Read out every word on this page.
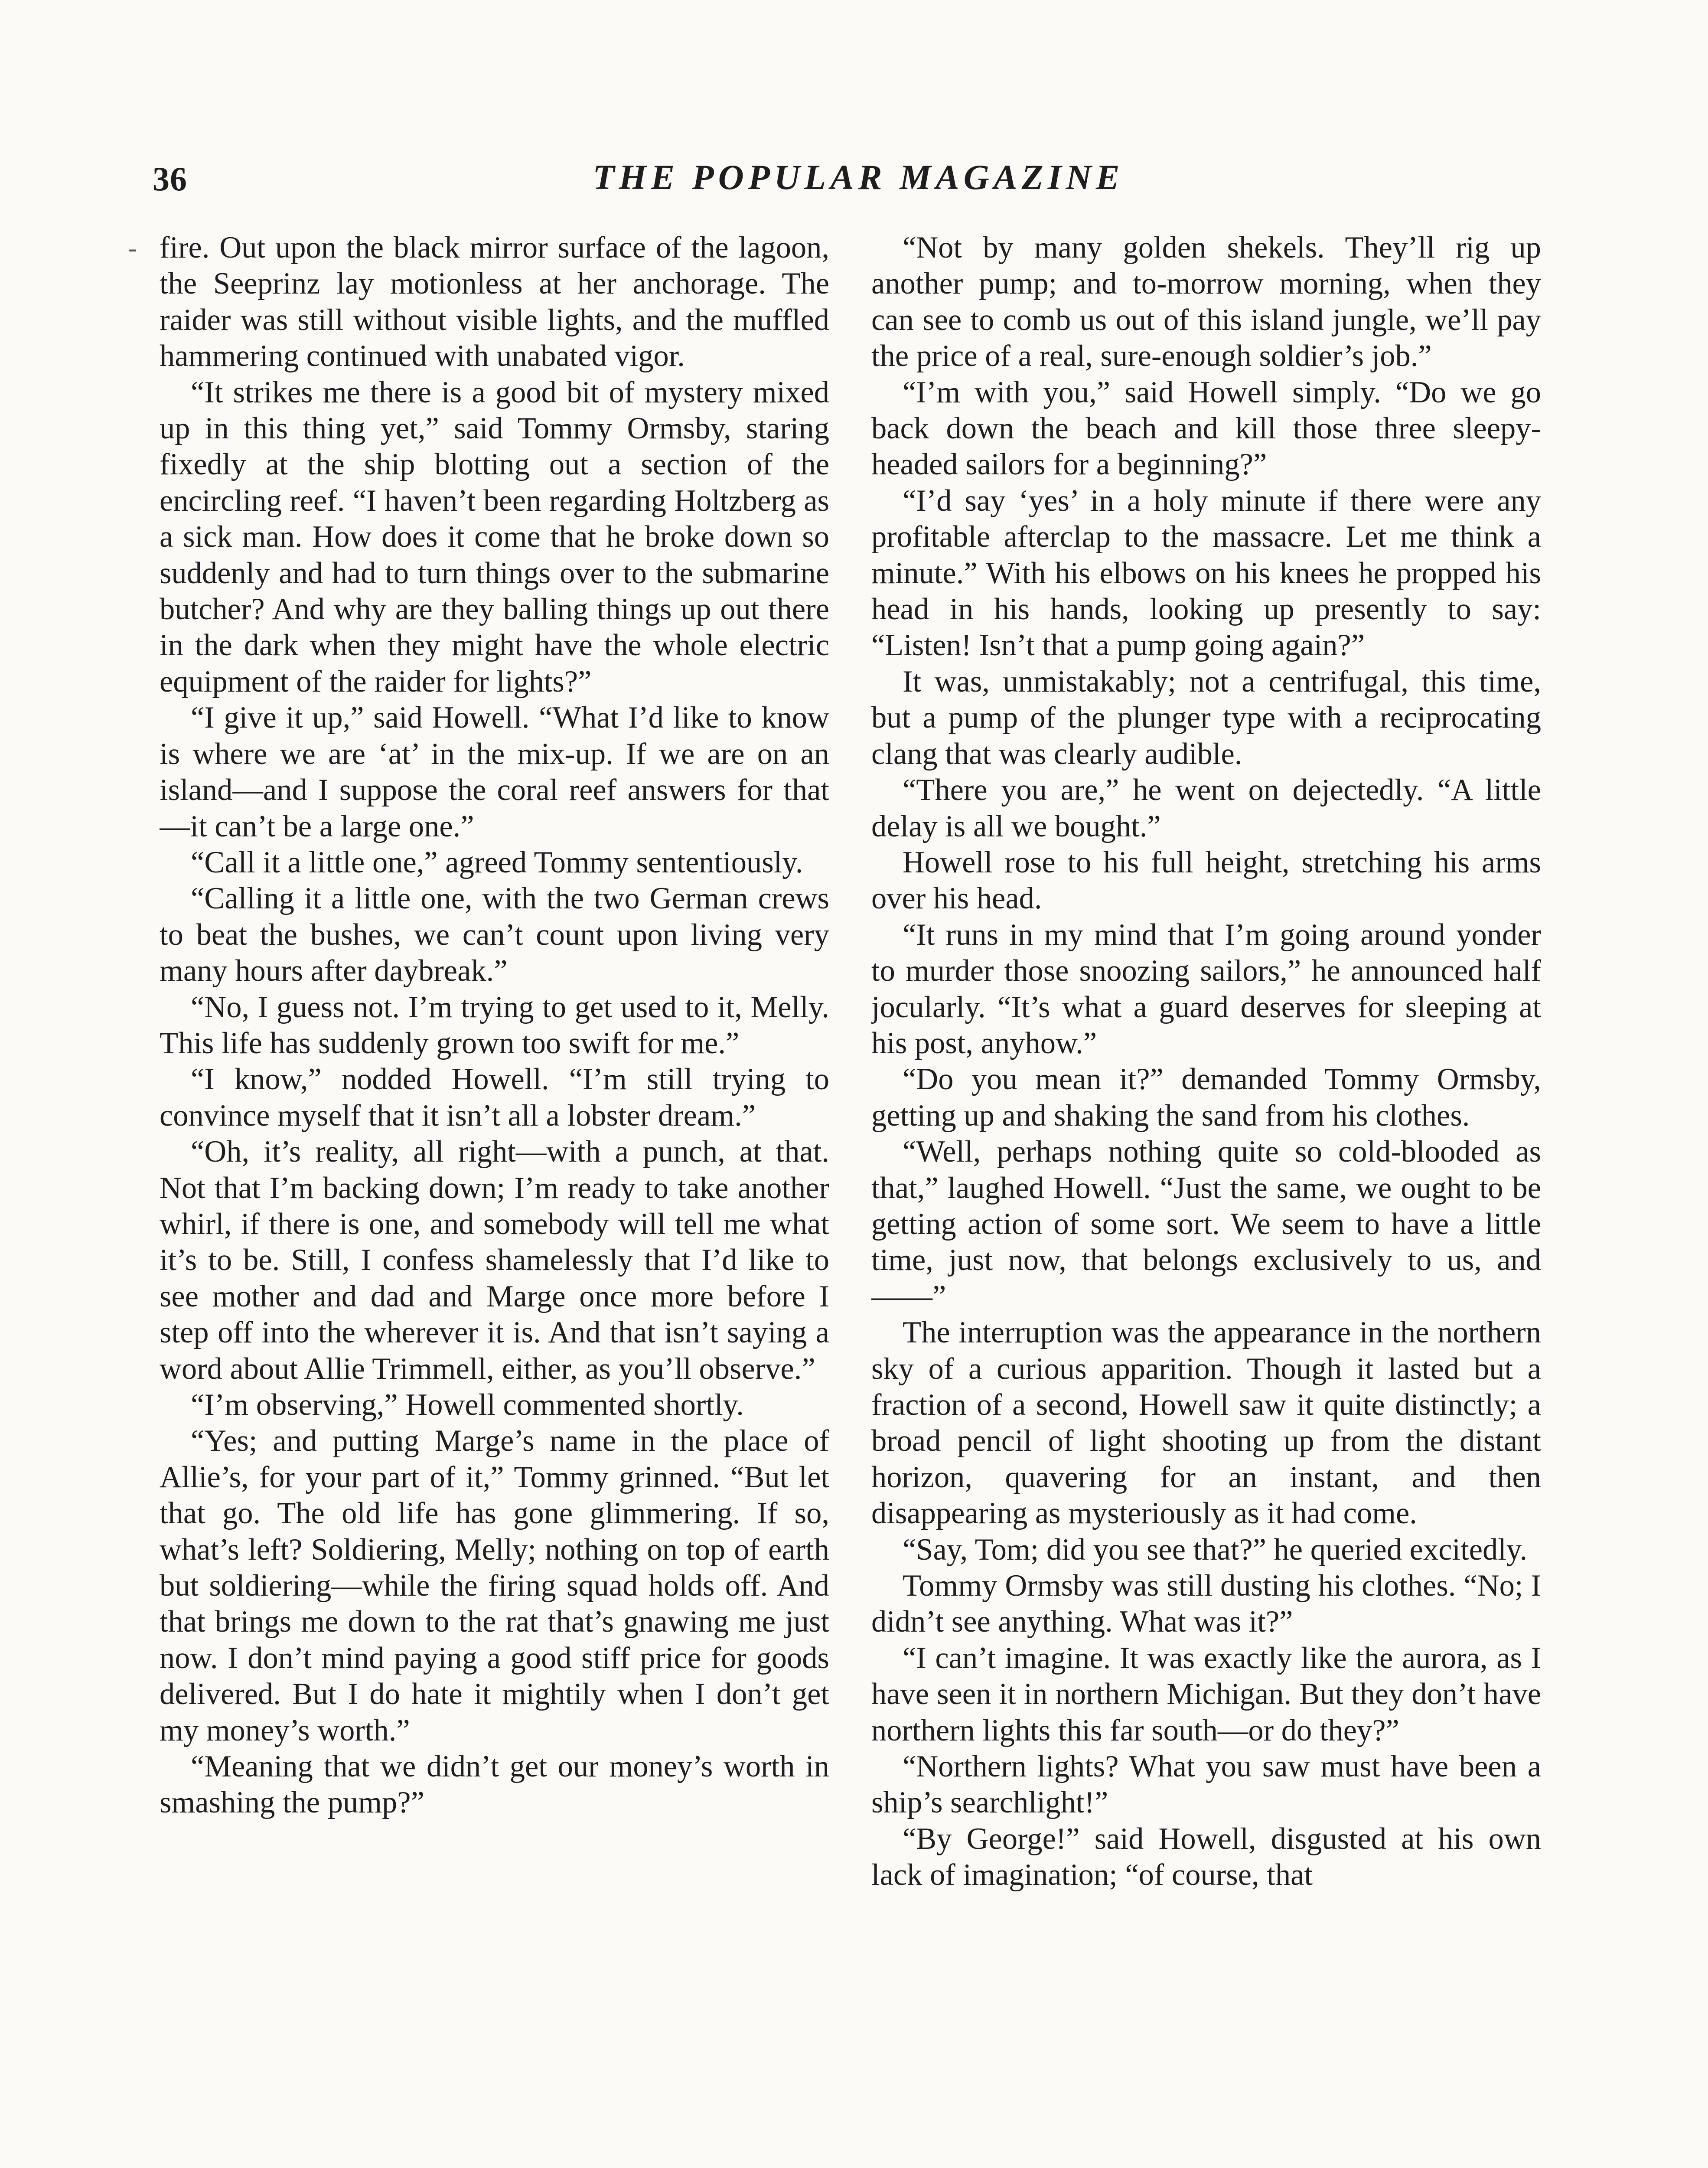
36	THE POPULAR MAGAZINE
- fire. Out upon the black mirror surface of the lagoon, the Seeprinz lay motionless at her anchorage. The raider was still without visible lights, and the muffled hammering continued with unabated vigor.

“It strikes me there is a good bit of mystery mixed up in this thing yet,” said Tommy Ormsby, staring fixedly at the ship blotting out a section of the encircling reef. “I haven’t been regarding Holtzberg as a sick man. How does it come that he broke down so suddenly and had to turn things over to the submarine butcher? And why are they balling things up out there in the dark when they might have the whole electric equipment of the raider for lights?”

“I give it up,” said Howell. “What I’d like to know is where we are ‘at’ in the mix-up. If we are on an island—and I suppose the coral reef answers for that—it can’t be a large one.”

“Call it a little one,” agreed Tommy sententiously.

“Calling it a little one, with the two German crews to beat the bushes, we can’t count upon living very many hours after daybreak.”

“No, I guess not. I’m trying to get used to it, Melly. This life has suddenly grown too swift for me.”

“I know,” nodded Howell. “I’m still trying to convince myself that it isn’t all a lobster dream.”

“Oh, it’s reality, all right—with a punch, at that. Not that I’m backing down; I’m ready to take another whirl, if there is one, and somebody will tell me what it’s to be. Still, I confess shamelessly that I’d like to see mother and dad and Marge once more before I step off into the wherever it is. And that isn’t saying a word about Allie Trimmell, either, as you’ll observe.”

“I’m observing,” Howell commented shortly.

“Yes; and putting Marge’s name in the place of Allie’s, for your part of it,” Tommy grinned. “But let that go. The old life has gone glimmering. If so, what’s left? Soldiering, Melly; nothing on top of earth but soldiering—while the firing squad holds off. And that brings me down to the rat that’s gnawing me just now. I don’t mind paying a good stiff price for goods delivered. But I do hate it mightily when I don’t get my money’s worth.”

“Meaning that we didn’t get our money’s worth in smashing the pump?”

“Not by many golden shekels. They’ll rig up another pump; and to-morrow morning, when they can see to comb us out of this island jungle, we’ll pay the price of a real, sure-enough soldier’s job.”

“I’m with you,” said Howell simply. “Do we go back down the beach and kill those three sleepy-headed sailors for a beginning?”

“I’d say ‘yes’ in a holy minute if there were any profitable afterclap to the massacre. Let me think a minute.” With his elbows on his knees he propped his head in his hands, looking up presently to say: “Listen! Isn’t that a pump going again?”

It was, unmistakably; not a centrifugal, this time, but a pump of the plunger type with a reciprocating clang that was clearly audible.

“There you are,” he went on dejectedly. “A little delay is all we bought.”

Howell rose to his full height, stretching his arms over his head.

“It runs in my mind that I’m going around yonder to murder those snoozing sailors,” he announced half jocularly. “It’s what a guard deserves for sleeping at his post, anyhow.”

“Do you mean it?” demanded Tommy Ormsby, getting up and shaking the sand from his clothes.

“Well, perhaps nothing quite so cold-blooded as that,” laughed Howell. “Just the same, we ought to be getting action of some sort. We seem to have a little time, just now, that belongs exclusively to us, and——”

The interruption was the appearance in the northern sky of a curious apparition. Though it lasted but a fraction of a second, Howell saw it quite distinctly; a broad pencil of light shooting up from the distant horizon, quavering for an instant, and then disappearing as mysteriously as it had come.

“Say, Tom; did you see that?” he queried excitedly.

Tommy Ormsby was still dusting his clothes. “No; I didn’t see anything. What was it?”

“I can’t imagine. It was exactly like the aurora, as I have seen it in northern Michigan. But they don’t have northern lights this far south—or do they?”

“Northern lights? What you saw must have been a ship’s searchlight!”

“By George!” said Howell, disgusted at his own lack of imagination; “of course, that
